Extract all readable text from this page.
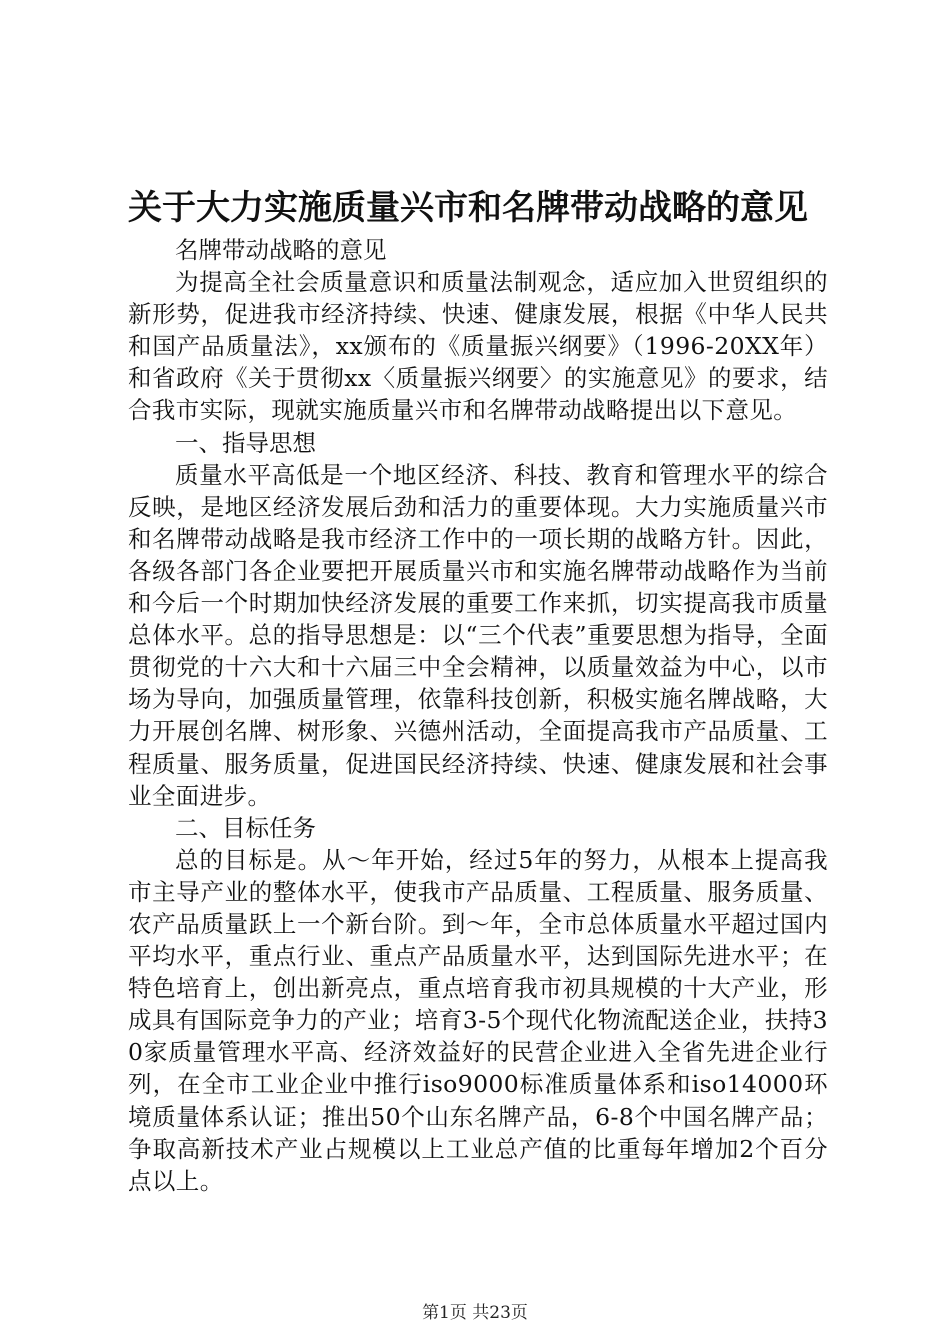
关于大力实施质量兴市和名牌带动战略的意见

名牌带动战略的意见

为提高全社会质量意识和质量法制观念，适应加入世贸组织的新形势，促进我市经济持续、快速、健康发展，根据《中华人民共和国产品质量法》，xx颁布的《质量振兴纲要》（1996-20XX年）和省政府《关于贯彻xx〈质量振兴纲要〉的实施意见》的要求，结合我市实际，现就实施质量兴市和名牌带动战略提出以下意见。

一、指导思想

质量水平高低是一个地区经济、科技、教育和管理水平的综合反映，是地区经济发展后劲和活力的重要体现。大力实施质量兴市和名牌带动战略是我市经济工作中的一项长期的战略方针。因此，各级各部门各企业要把开展质量兴市和实施名牌带动战略作为当前和今后一个时期加快经济发展的重要工作来抓，切实提高我市质量总体水平。总的指导思想是：以“三个代表”重要思想为指导，全面贯彻党的十六大和十六届三中全会精神，以质量效益为中心，以市场为导向，加强质量管理，依靠科技创新，积极实施名牌战略，大力开展创名牌、树形象、兴德州活动，全面提高我市产品质量、工程质量、服务质量，促进国民经济持续、快速、健康发展和社会事业全面进步。

二、目标任务

总的目标是。从～年开始，经过5年的努力，从根本上提高我市主导产业的整体水平，使我市产品质量、工程质量、服务质量、农产品质量跃上一个新台阶。到～年，全市总体质量水平超过国内平均水平，重点行业、重点产品质量水平，达到国际先进水平；在特色培育上，创出新亮点，重点培育我市初具规模的十大产业，形成具有国际竞争力的产业；培育3-5个现代化物流配送企业，扶持30家质量管理水平高、经济效益好的民营企业进入全省先进企业行列，在全市工业企业中推行iso9000标准质量体系和iso14000环境质量体系认证；推出50个山东名牌产品，6-8个中国名牌产品；争取高新技术产业占规模以上工业总产值的比重每年增加2个百分点以上。

第1页 共23页
